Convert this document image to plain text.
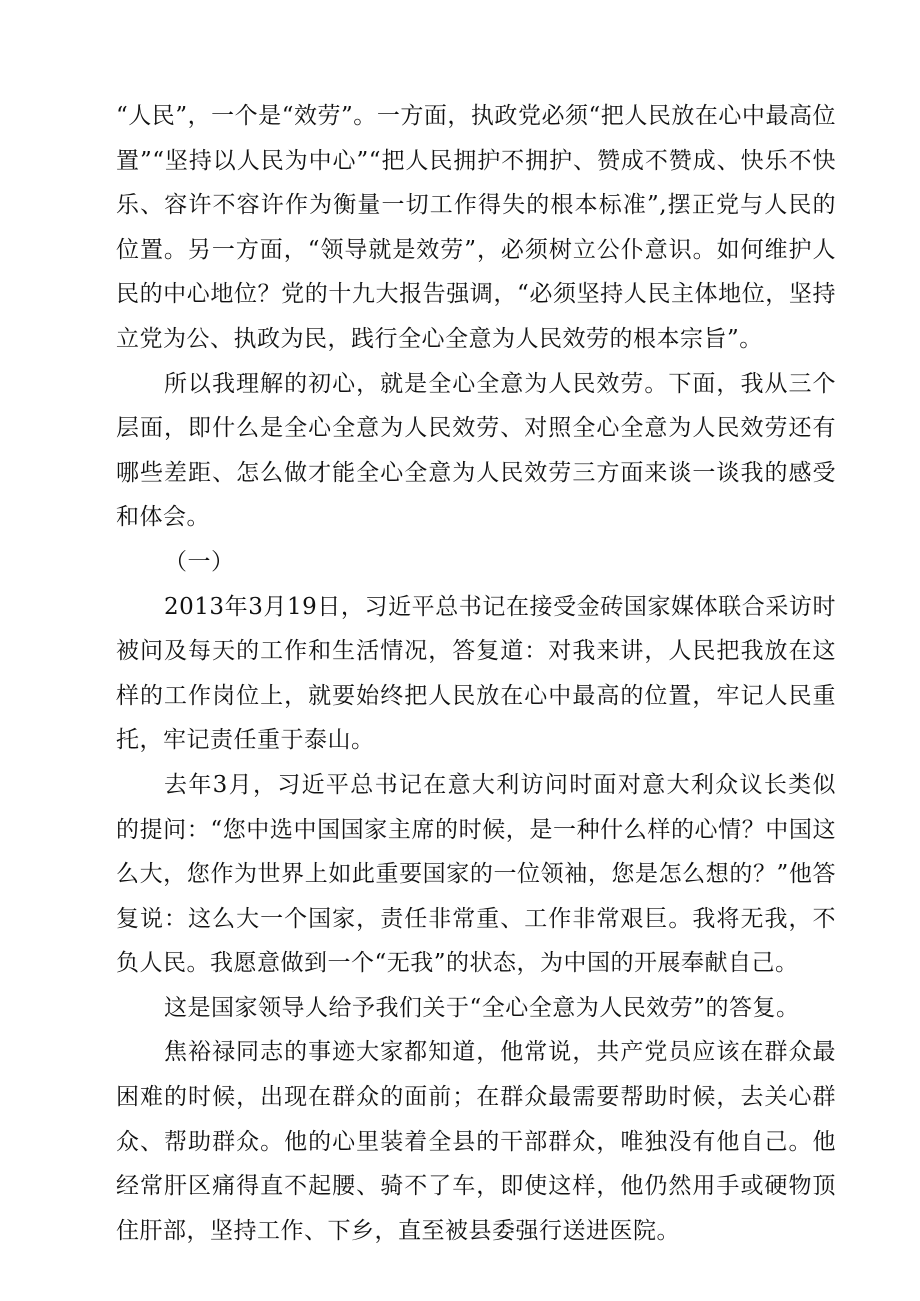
“人民”，一个是“效劳”。一方面，执政党必须“把人民放在心中最高位置”“坚持以人民为中心”“把人民拥护不拥护、赞成不赞成、快乐不快乐、容许不容许作为衡量一切工作得失的根本标准”,摆正党与人民的位置。另一方面，“领导就是效劳”，必须树立公仆意识。如何维护人民的中心地位？党的十九大报告强调，“必须坚持人民主体地位，坚持立党为公、执政为民，践行全心全意为人民效劳的根本宗旨”。

所以我理解的初心，就是全心全意为人民效劳。下面，我从三个层面，即什么是全心全意为人民效劳、对照全心全意为人民效劳还有哪些差距、怎么做才能全心全意为人民效劳三方面来谈一谈我的感受和体会。

（一）

2013年3月19日，习近平总书记在接受金砖国家媒体联合采访时被问及每天的工作和生活情况，答复道：对我来讲，人民把我放在这样的工作岗位上，就要始终把人民放在心中最高的位置，牢记人民重托，牢记责任重于泰山。

去年3月，习近平总书记在意大利访问时面对意大利众议长类似的提问：“您中选中国国家主席的时候，是一种什么样的心情？中国这么大，您作为世界上如此重要国家的一位领袖，您是怎么想的？”他答复说：这么大一个国家，责任非常重、工作非常艰巨。我将无我，不负人民。我愿意做到一个“无我”的状态，为中国的开展奉献自己。

这是国家领导人给予我们关于“全心全意为人民效劳”的答复。

焦裕禄同志的事迹大家都知道，他常说，共产党员应该在群众最困难的时候，出现在群众的面前；在群众最需要帮助时候，去关心群众、帮助群众。他的心里装着全县的干部群众，唯独没有他自己。他经常肝区痛得直不起腰、骑不了车，即使这样，他仍然用手或硬物顶住肝部，坚持工作、下乡，直至被县委强行送进医院。
